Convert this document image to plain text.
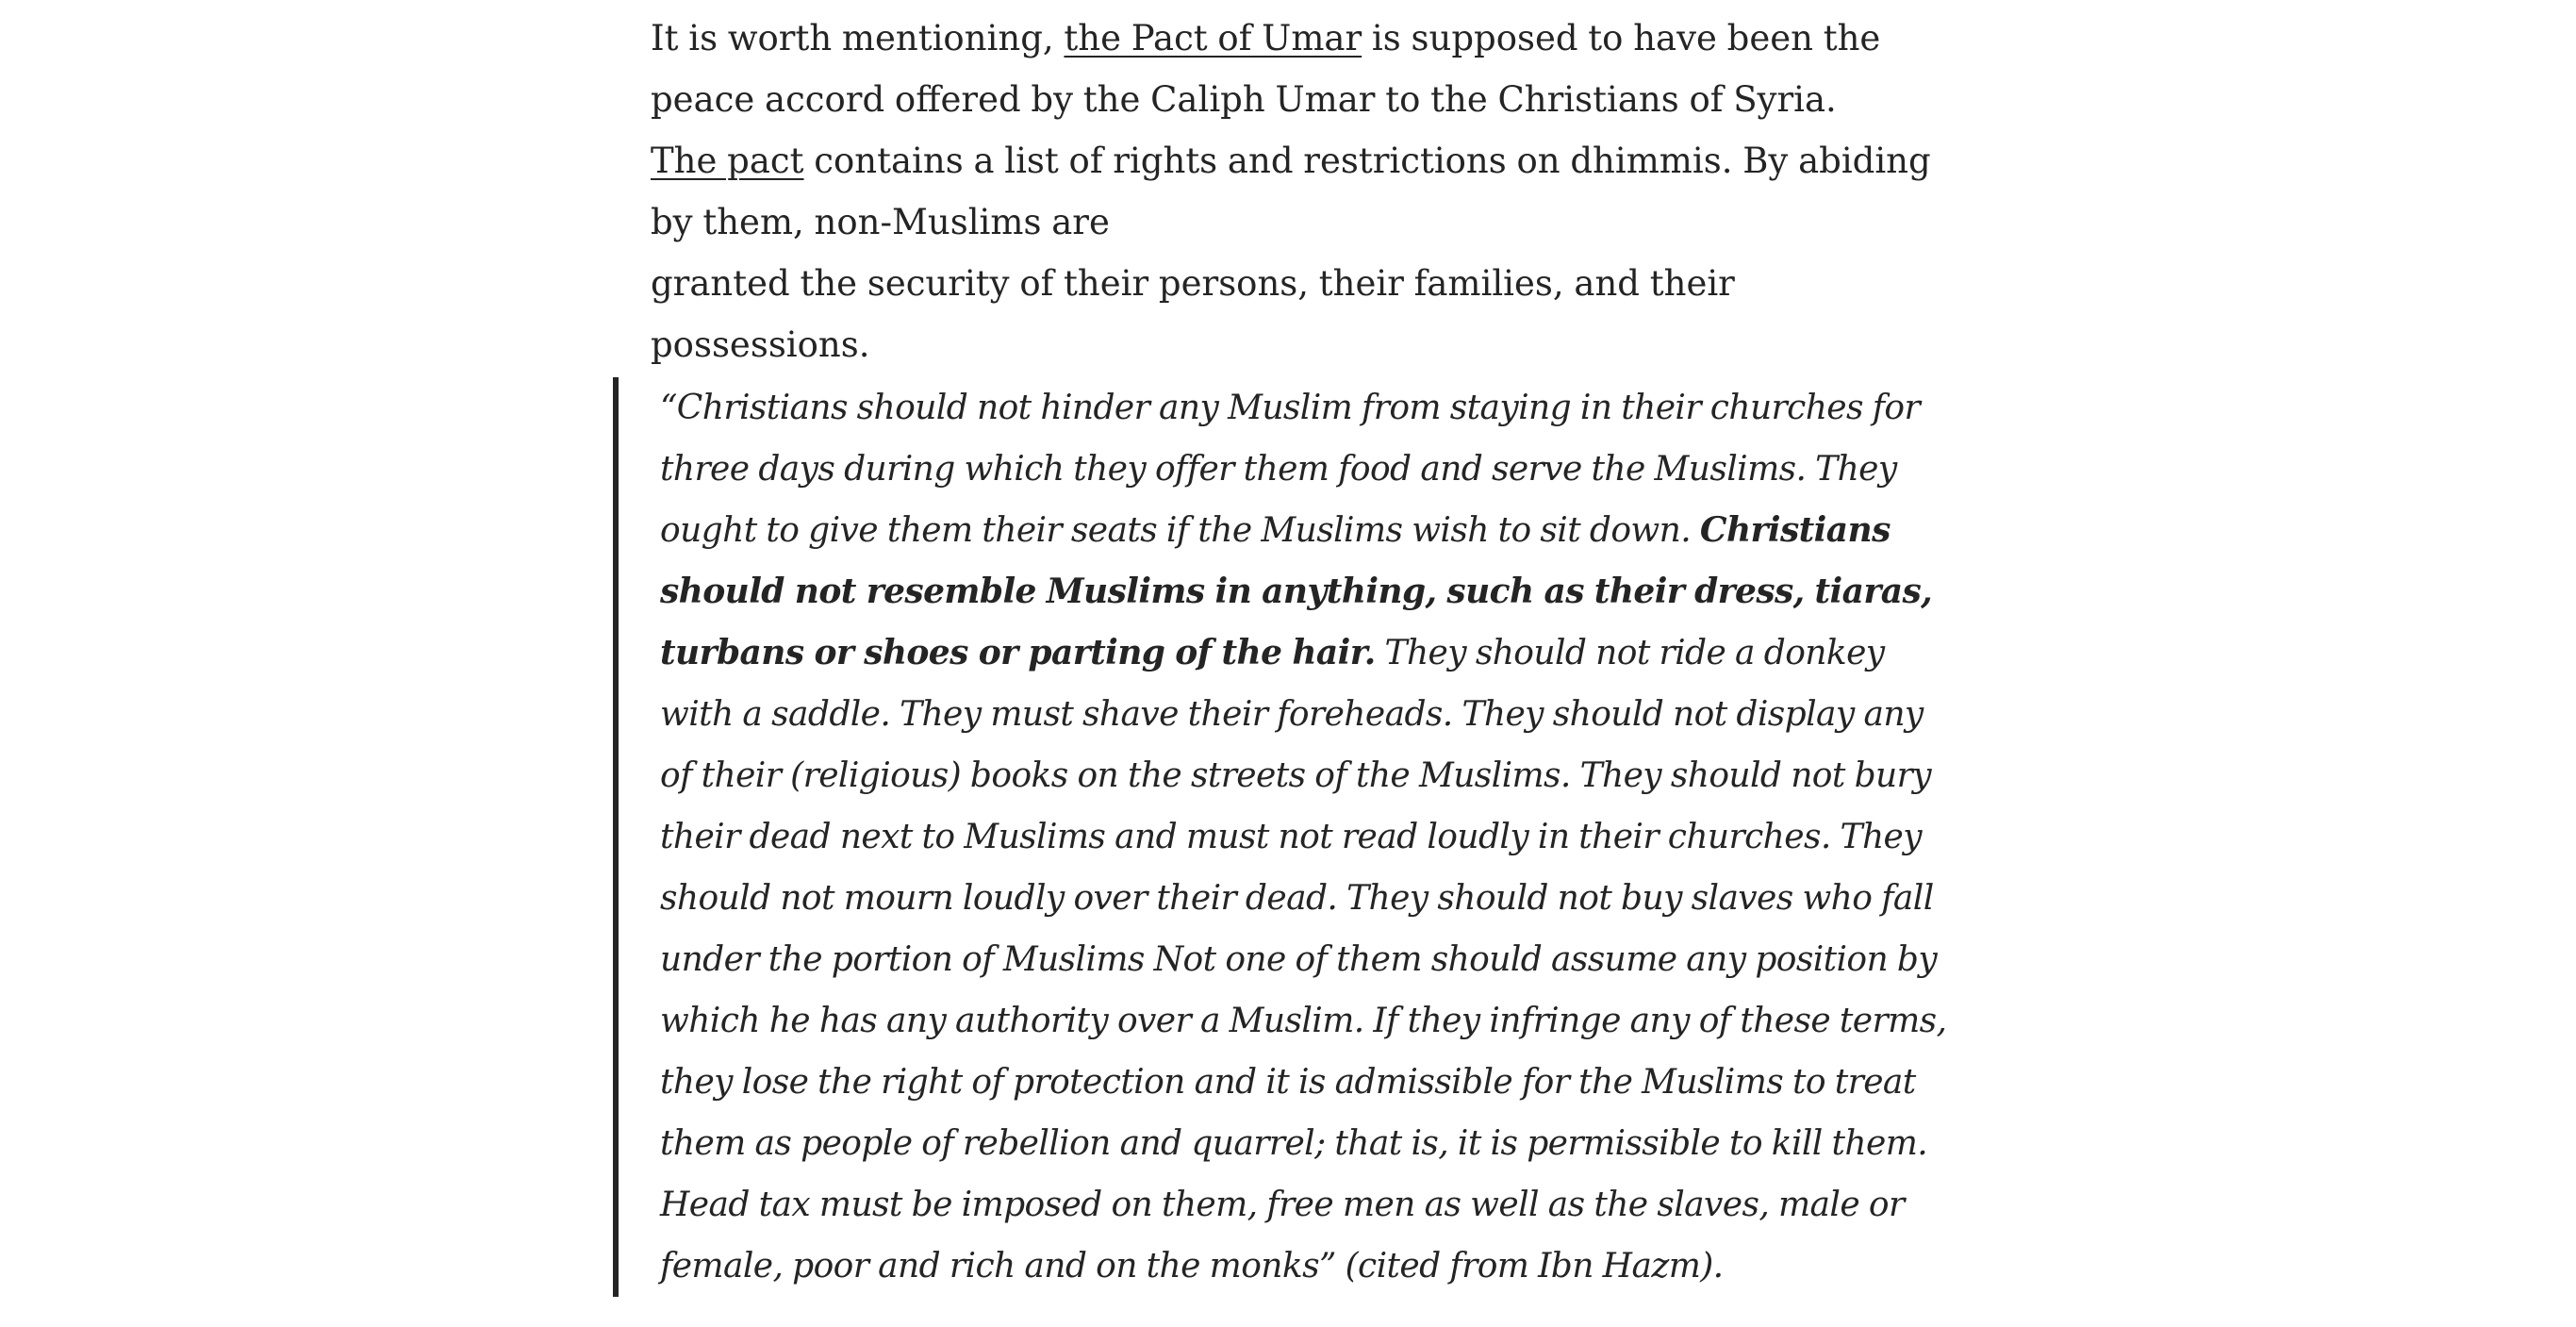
It is worth mentioning, the Pact of Umar is supposed to have been the peace accord offered by the Caliph Umar to the Christians of Syria.

The pact contains a list of rights and restrictions on dhimmis. By abiding by them, non-Muslims are
granted the security of their persons, their families, and their possessions.

“Christians should not hinder any Muslim from staying in their churches for three days during which they offer them food and serve the Muslims. They ought to give them their seats if the Muslims wish to sit down. Christians should not resemble Muslims in anything, such as their dress, tiaras, turbans or shoes or parting of the hair. They should not ride a donkey with a saddle. They must shave their foreheads. They should not display any of their (religious) books on the streets of the Muslims. They should not bury their dead next to Muslims and must not read loudly in their churches. They should not mourn loudly over their dead. They should not buy slaves who fall under the portion of Muslims Not one of them should assume any position by which he has any authority over a Muslim. If they infringe any of these terms, they lose the right of protection and it is admissible for the Muslims to treat them as people of rebellion and quarrel; that is, it is permissible to kill them. Head tax must be imposed on them, free men as well as the slaves, male or female, poor and rich and on the monks” (cited from Ibn Hazm).
